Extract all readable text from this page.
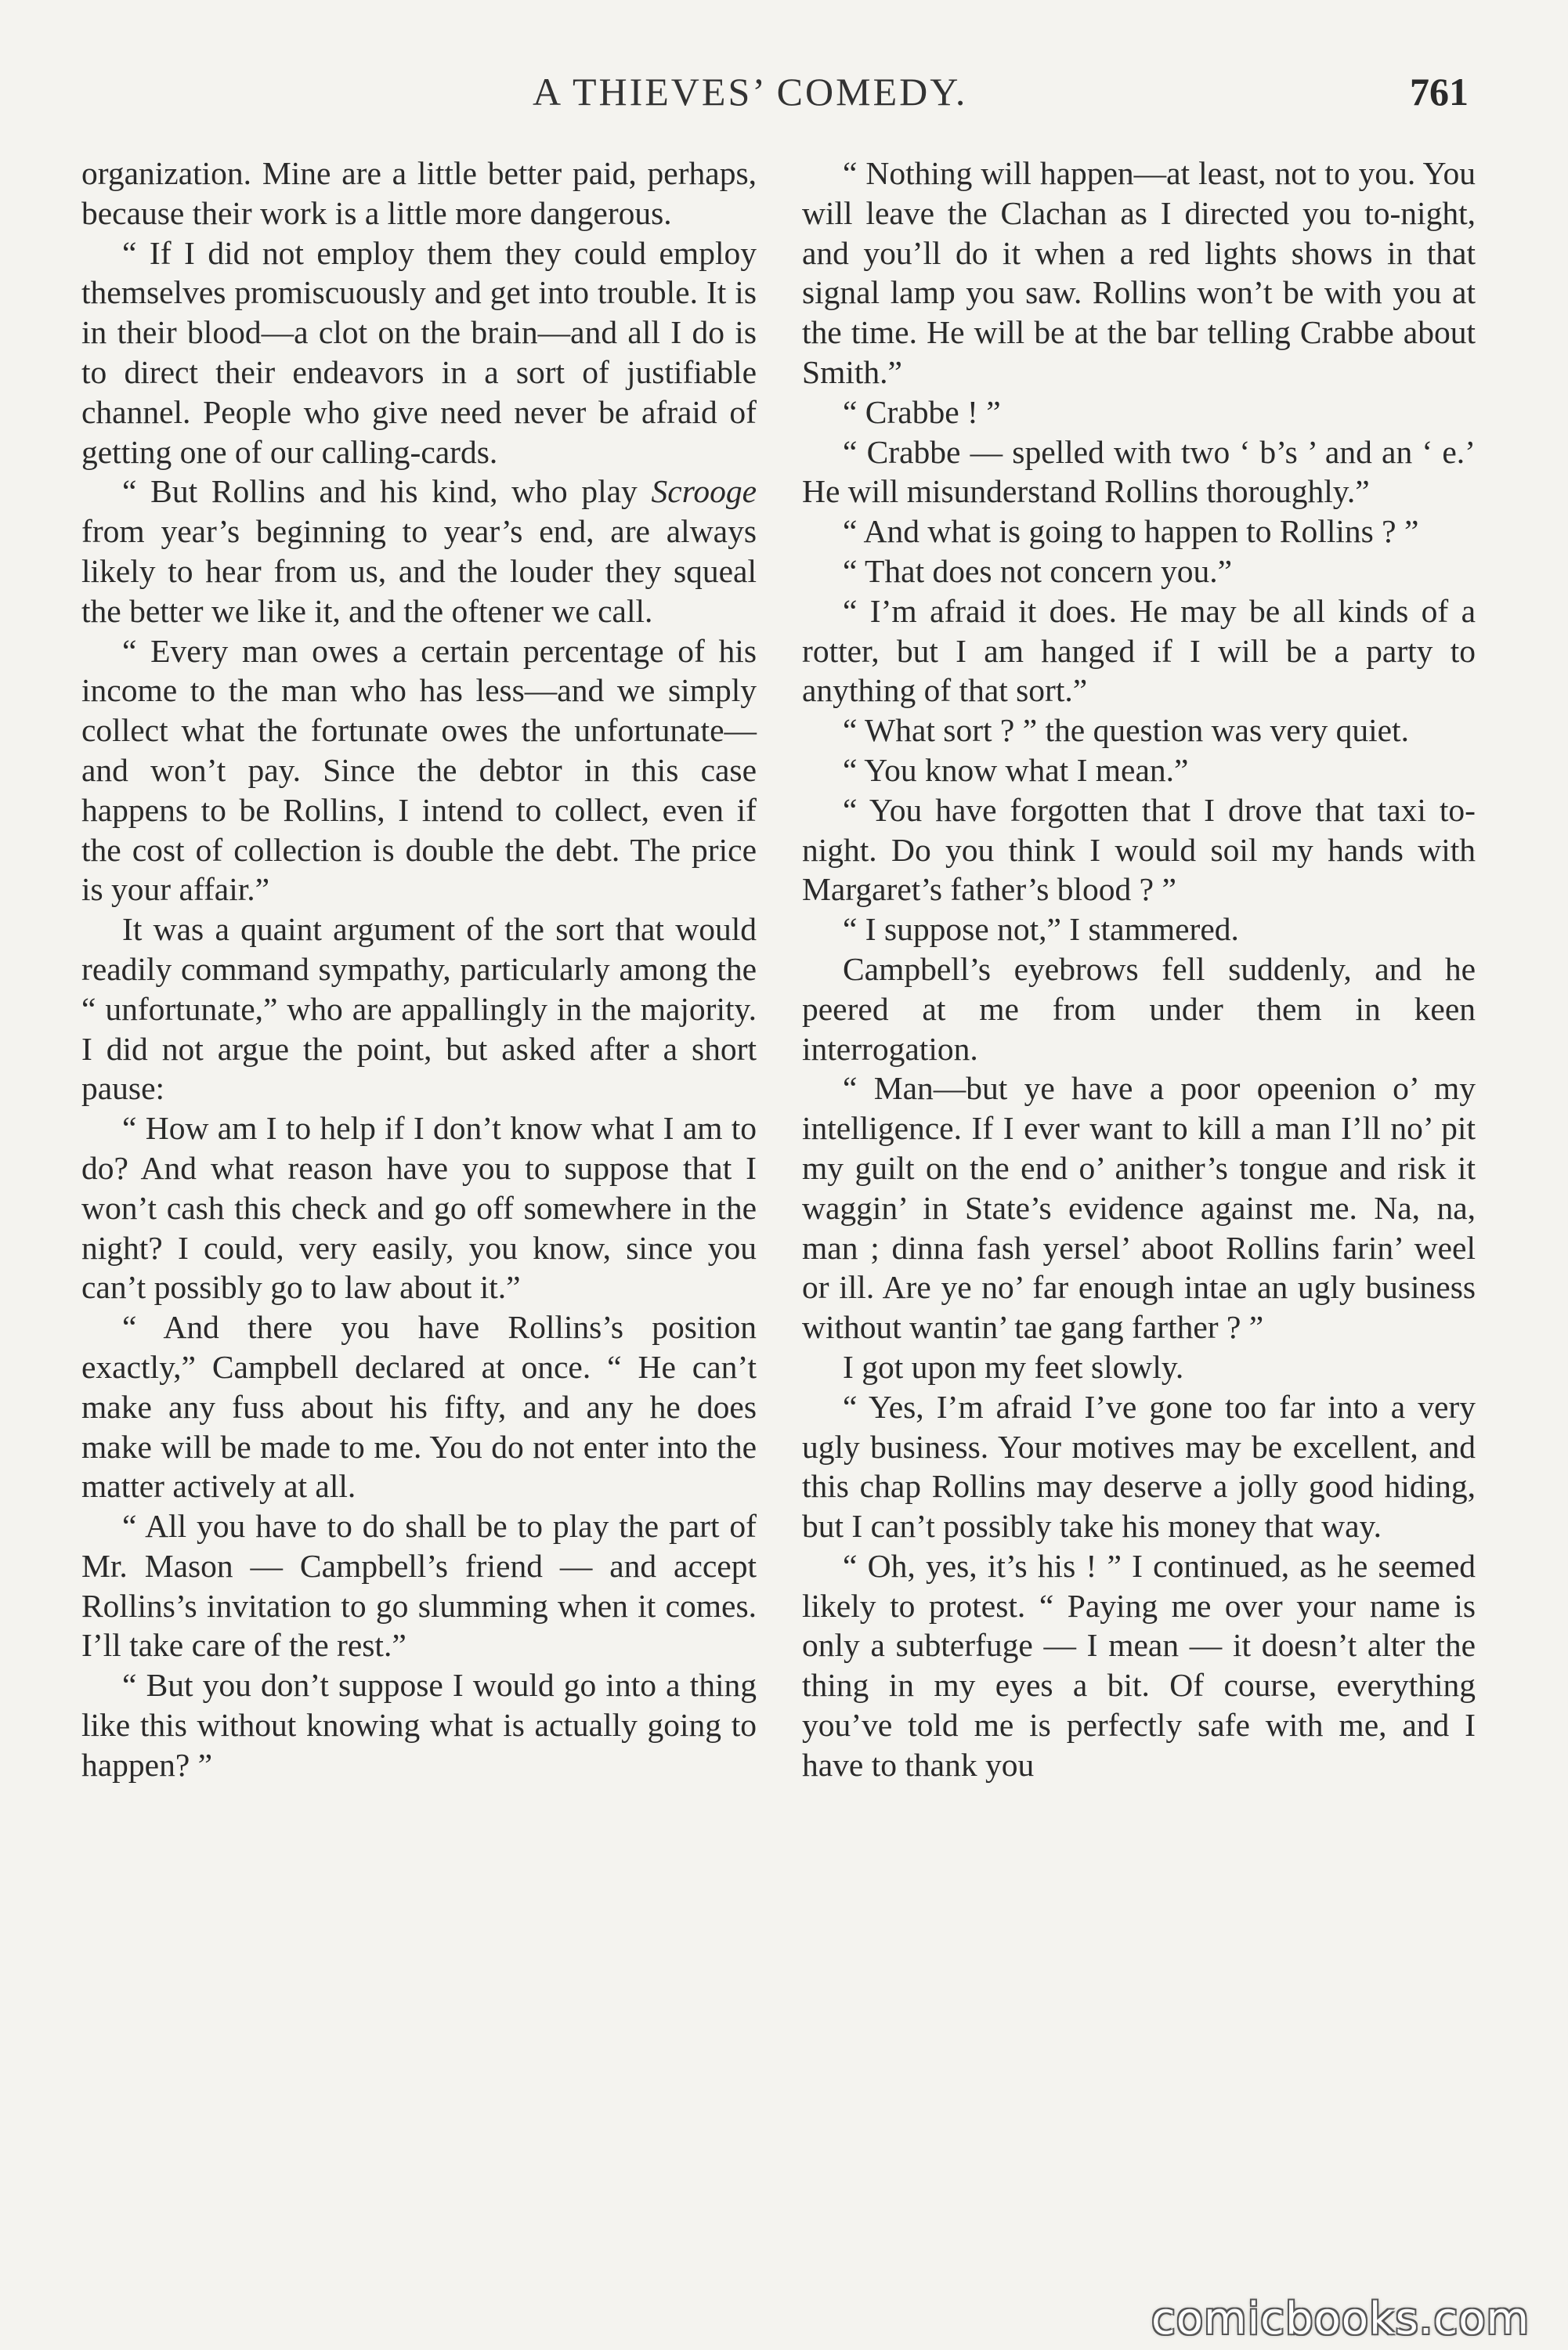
A THIEVES’ COMEDY.	761

organization. Mine are a little better paid, perhaps, because their work is a little more dangerous.

“ If I did not employ them they could employ themselves promiscuously and get into trouble. It is in their blood—a clot on the brain—and all I do is to direct their endeavors in a sort of justifiable channel. People who give need never be afraid of getting one of our calling-cards.

“ But Rollins and his kind, who play Scrooge from year’s beginning to year’s end, are always likely to hear from us, and the louder they squeal the better we like it, and the oftener we call.

“ Every man owes a certain percentage of his income to the man who has less—and we simply collect what the fortunate owes the unfortunate—and won’t pay. Since the debtor in this case happens to be Rollins, I intend to collect, even if the cost of collection is double the debt. The price is your affair.”

It was a quaint argument of the sort that would readily command sympathy, particularly among the “ unfortunate,” who are appallingly in the majority. I did not argue the point, but asked after a short pause:

“ How am I to help if I don’t know what I am to do? And what reason have you to suppose that I won’t cash this check and go off somewhere in the night? I could, very easily, you know, since you can’t possibly go to law about it.”

“ And there you have Rollins’s position exactly,” Campbell declared at once. “ He can’t make any fuss about his fifty, and any he does make will be made to me. You do not enter into the matter actively at all.

“ All you have to do shall be to play the part of Mr. Mason — Campbell’s friend — and accept Rollins’s invitation to go slumming when it comes. I’ll take care of the rest.”

“ But you don’t suppose I would go into a thing like this without knowing what is actually going to happen? ”

“ Nothing will happen—at least, not to you. You will leave the Clachan as I directed you to-night, and you’ll do it when a red lights shows in that signal lamp you saw. Rollins won’t be with you at the time. He will be at the bar telling Crabbe about Smith.”

“ Crabbe ! ”

“ Crabbe — spelled with two ‘ b’s ’ and an ‘ e.’ He will misunderstand Rollins thoroughly.”

“ And what is going to happen to Rollins ? ”

“ That does not concern you.”

“ I’m afraid it does. He may be all kinds of a rotter, but I am hanged if I will be a party to anything of that sort.”

“ What sort ? ” the question was very quiet.

“ You know what I mean.”

“ You have forgotten that I drove that taxi to-night. Do you think I would soil my hands with Margaret’s father’s blood ? ”

“ I suppose not,” I stammered.

Campbell’s eyebrows fell suddenly, and he peered at me from under them in keen interrogation.

“ Man—but ye have a poor opeenion o’ my intelligence. If I ever want to kill a man I’ll no’ pit my guilt on the end o’ anither’s tongue and risk it waggin’ in State’s evidence against me. Na, na, man ; dinna fash yersel’ aboot Rollins farin’ weel or ill. Are ye no’ far enough intae an ugly business without wantin’ tae gang farther ? ”

I got upon my feet slowly.

“ Yes, I’m afraid I’ve gone too far into a very ugly business. Your motives may be excellent, and this chap Rollins may deserve a jolly good hiding, but I can’t possibly take his money that way.

“ Oh, yes, it’s his ! ” I continued, as he seemed likely to protest. “ Paying me over your name is only a subterfuge — I mean — it doesn’t alter the thing in my eyes a bit. Of course, everything you’ve told me is perfectly safe with me, and I have to thank you

comicbooks.com
